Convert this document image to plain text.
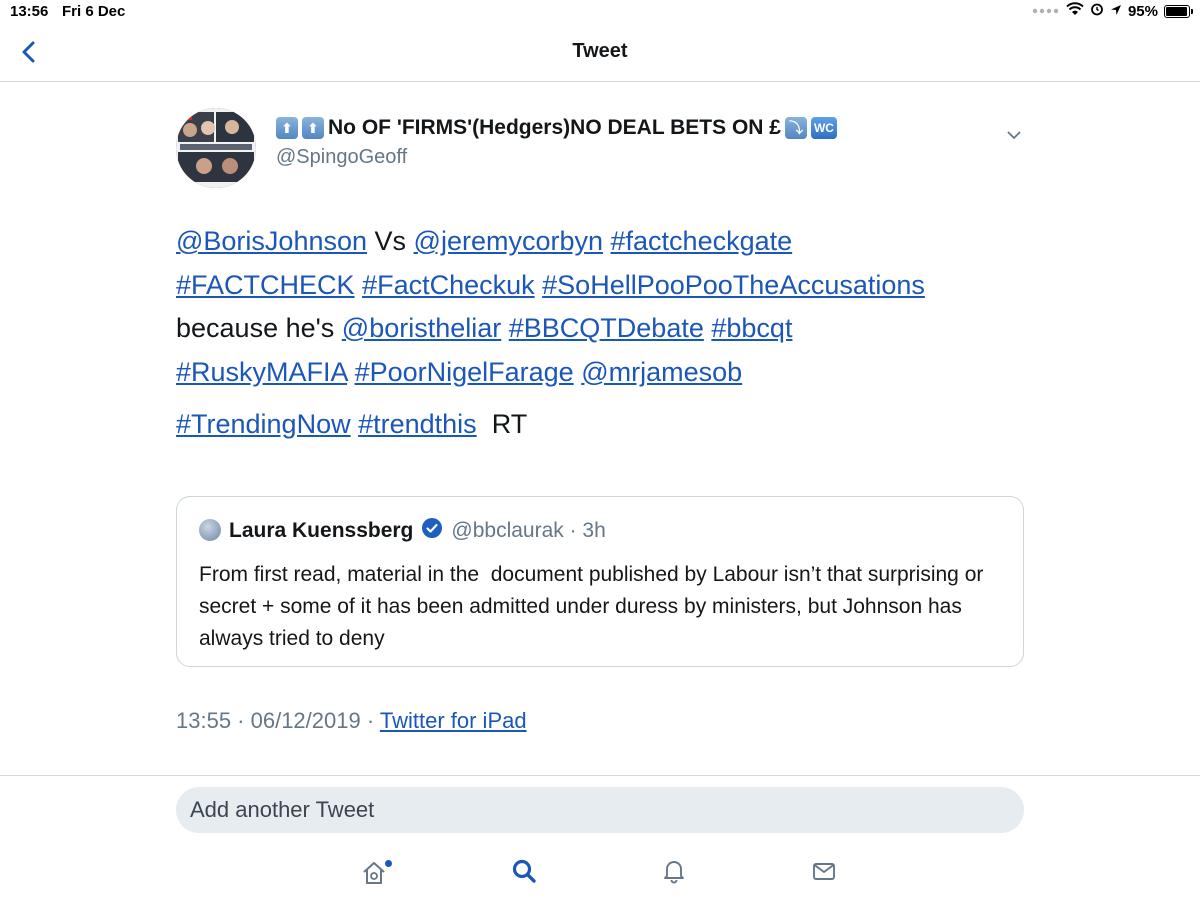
13:56 Fri 6 Dec	95%
Tweet
⬆	⬆ No OF 'FIRMS'(Hedgers)NO DEAL BETS ON £ ⤵ WC
@SpingoGeoff
@BorisJohnson Vs @jeremycorbyn #factcheckgate
#FACTCHECK #FactCheckuk #SoHellPooPooTheAccusations
because he's @boristheliar #BBCQTDebate #bbcqt
#RuskyMAFIA #PoorNigelFarage @mrjamesob
#TrendingNow #trendthis  RT
Laura Kuenssberg @bbclaurak · 3h
From first read, material in the  document published by Labour isn’t that surprising or secret + some of it has been admitted under duress by ministers, but Johnson has always tried to deny
13:55 · 06/12/2019 · Twitter for iPad
Add another Tweet
